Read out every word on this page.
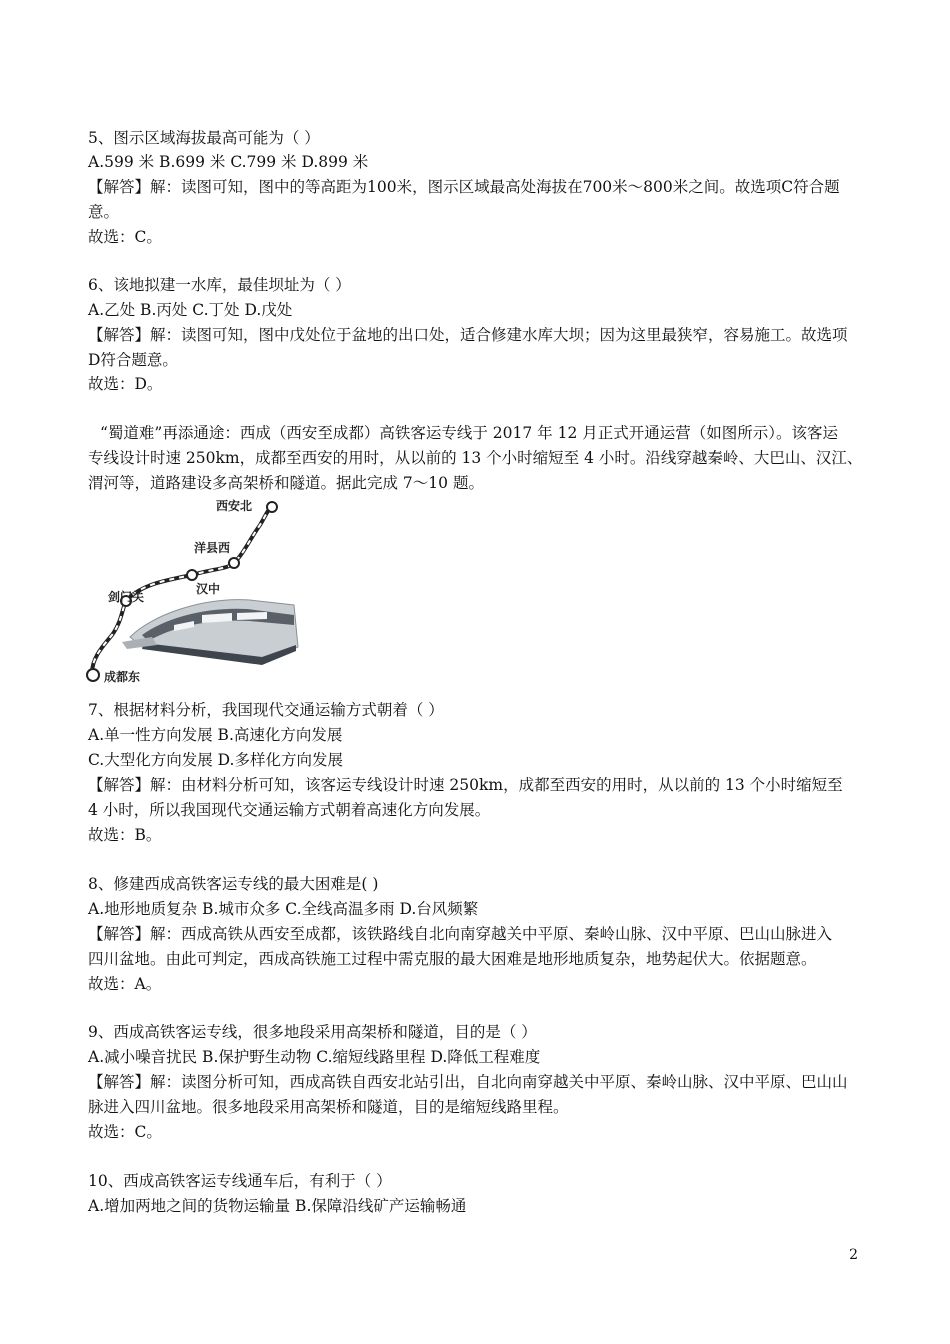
5、图示区域海拔最高可能为（ ）
A.599 米 B.699 米 C.799 米 D.899 米
【解答】解：读图可知，图中的等高距为100米，图示区域最高处海拔在700米～800米之间。故选项C符合题
意。
故选：C。
6、该地拟建一水库，最佳坝址为（ ）
A.乙处 B.丙处 C.丁处 D.戊处
【解答】解：读图可知，图中戊处位于盆地的出口处，适合修建水库大坝；因为这里最狭窄，容易施工。故选项
D符合题意。
故选：D。
“蜀道难”再添通途：西成（西安至成都）高铁客运专线于 2017 年 12 月正式开通运营（如图所示）。该客运
专线设计时速 250km，成都至西安的用时，从以前的 13 个小时缩短至 4 小时。沿线穿越秦岭、大巴山、汉江、
渭河等，道路建设多高架桥和隧道。据此完成 7～10 题。
西安北
洋县西
汉中
剑门关
成都东
7、根据材料分析，我国现代交通运输方式朝着（ ）
A.单一性方向发展 B.高速化方向发展
C.大型化方向发展 D.多样化方向发展
【解答】解：由材料分析可知，该客运专线设计时速 250km，成都至西安的用时，从以前的 13 个小时缩短至
4 小时，所以我国现代交通运输方式朝着高速化方向发展。
故选：B。
8、修建西成高铁客运专线的最大困难是( )
A.地形地质复杂 B.城市众多 C.全线高温多雨 D.台风频繁
【解答】解：西成高铁从西安至成都，该铁路线自北向南穿越关中平原、秦岭山脉、汉中平原、巴山山脉进入
四川盆地。由此可判定，西成高铁施工过程中需克服的最大困难是地形地质复杂，地势起伏大。依据题意。
故选：A。
9、西成高铁客运专线，很多地段采用高架桥和隧道，目的是（ ）
A.减小噪音扰民 B.保护野生动物 C.缩短线路里程 D.降低工程难度
【解答】解：读图分析可知，西成高铁自西安北站引出，自北向南穿越关中平原、秦岭山脉、汉中平原、巴山山
脉进入四川盆地。很多地段采用高架桥和隧道，目的是缩短线路里程。
故选：C。
10、西成高铁客运专线通车后，有利于（ ）
A.增加两地之间的货物运输量 B.保障沿线矿产运输畅通
2
